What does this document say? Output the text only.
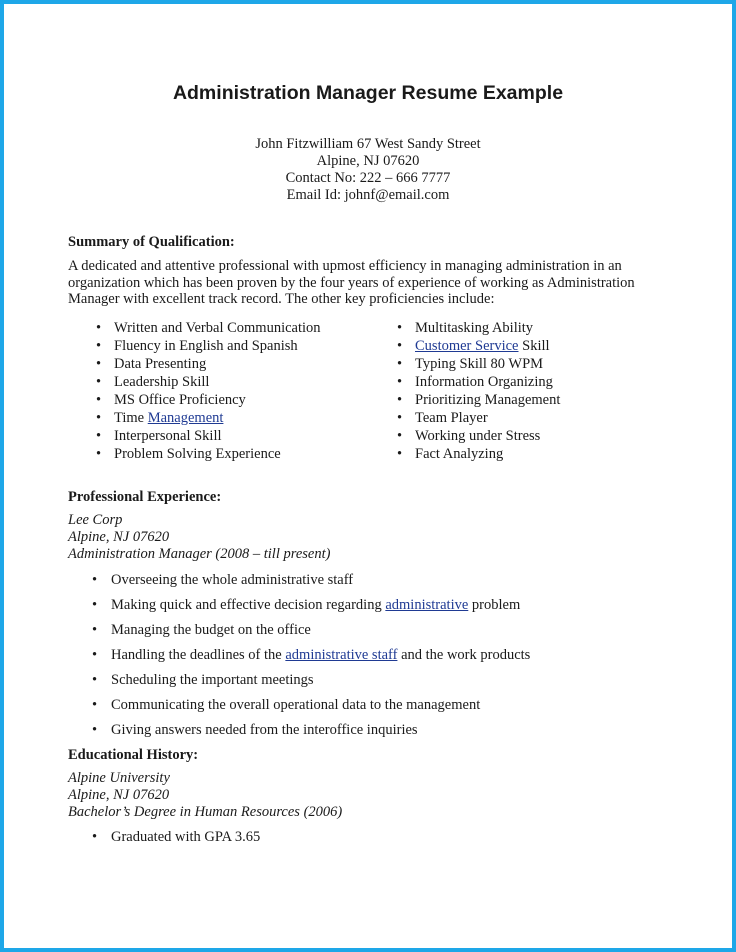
Administration Manager Resume Example
John Fitzwilliam 67 West Sandy Street
Alpine, NJ 07620
Contact No: 222 – 666 7777
Email Id: johnf@email.com
Summary of Qualification:
A dedicated and attentive professional with upmost efficiency in managing administration in an organization which has been proven by the four years of experience of working as Administration Manager with excellent track record. The other key proficiencies include:
• Written and Verbal Communication
• Fluency in English and Spanish
• Data Presenting
• Leadership Skill
• MS Office Proficiency
• Time Management
• Interpersonal Skill
• Problem Solving Experience
• Multitasking Ability
• Customer Service Skill
• Typing Skill 80 WPM
• Information Organizing
• Prioritizing Management
• Team Player
• Working under Stress
• Fact Analyzing
Professional Experience:
Lee Corp
Alpine, NJ 07620
Administration Manager (2008 – till present)
• Overseeing the whole administrative staff
• Making quick and effective decision regarding administrative problem
• Managing the budget on the office
• Handling the deadlines of the administrative staff and the work products
• Scheduling the important meetings
• Communicating the overall operational data to the management
• Giving answers needed from the interoffice inquiries
Educational History:
Alpine University
Alpine, NJ 07620
Bachelor’s Degree in Human Resources (2006)
• Graduated with GPA 3.65
